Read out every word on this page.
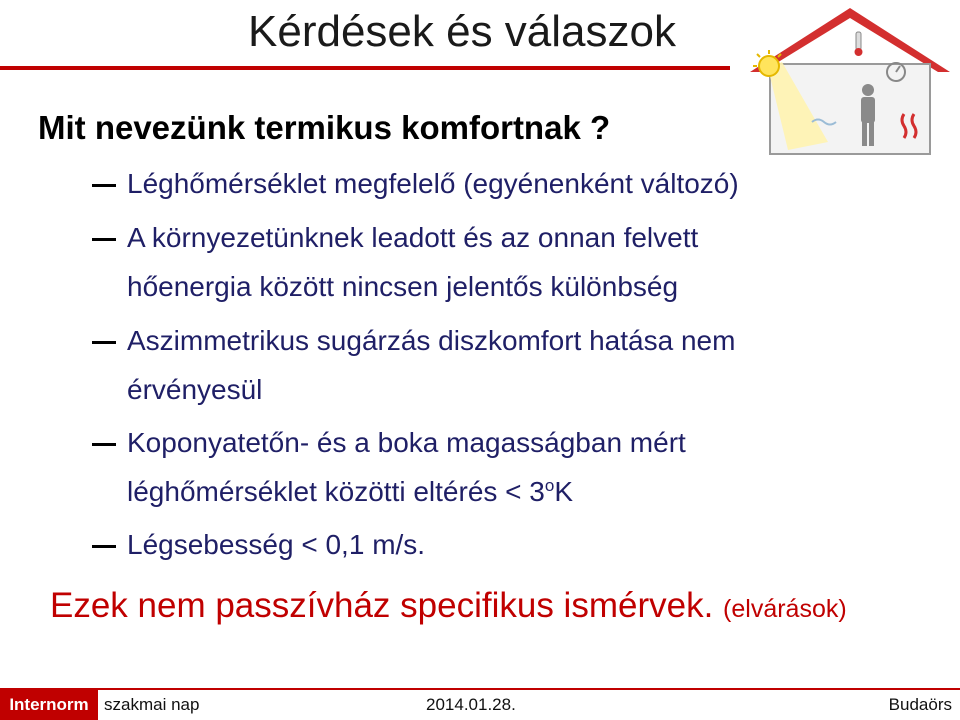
Kérdések és válaszok
Mit nevezünk termikus komfortnak ?
Léghőmérséklet megfelelő (egyénenként változó)
A környezetünknek leadott és az onnan felvett
hőenergia között nincsen jelentős különbség
Aszimmetrikus sugárzás diszkomfort hatása nem
érvényesül
Koponyatetőn- és a boka magasságban mért
léghőmérséklet közötti eltérés < $3^oK$
Légsebesség < 0,1 m/s.
Ezek nem passzívház specifikus ismérvek. (elvárások)
Internorm szakmai nap	2014.01.28.	Budaörs
